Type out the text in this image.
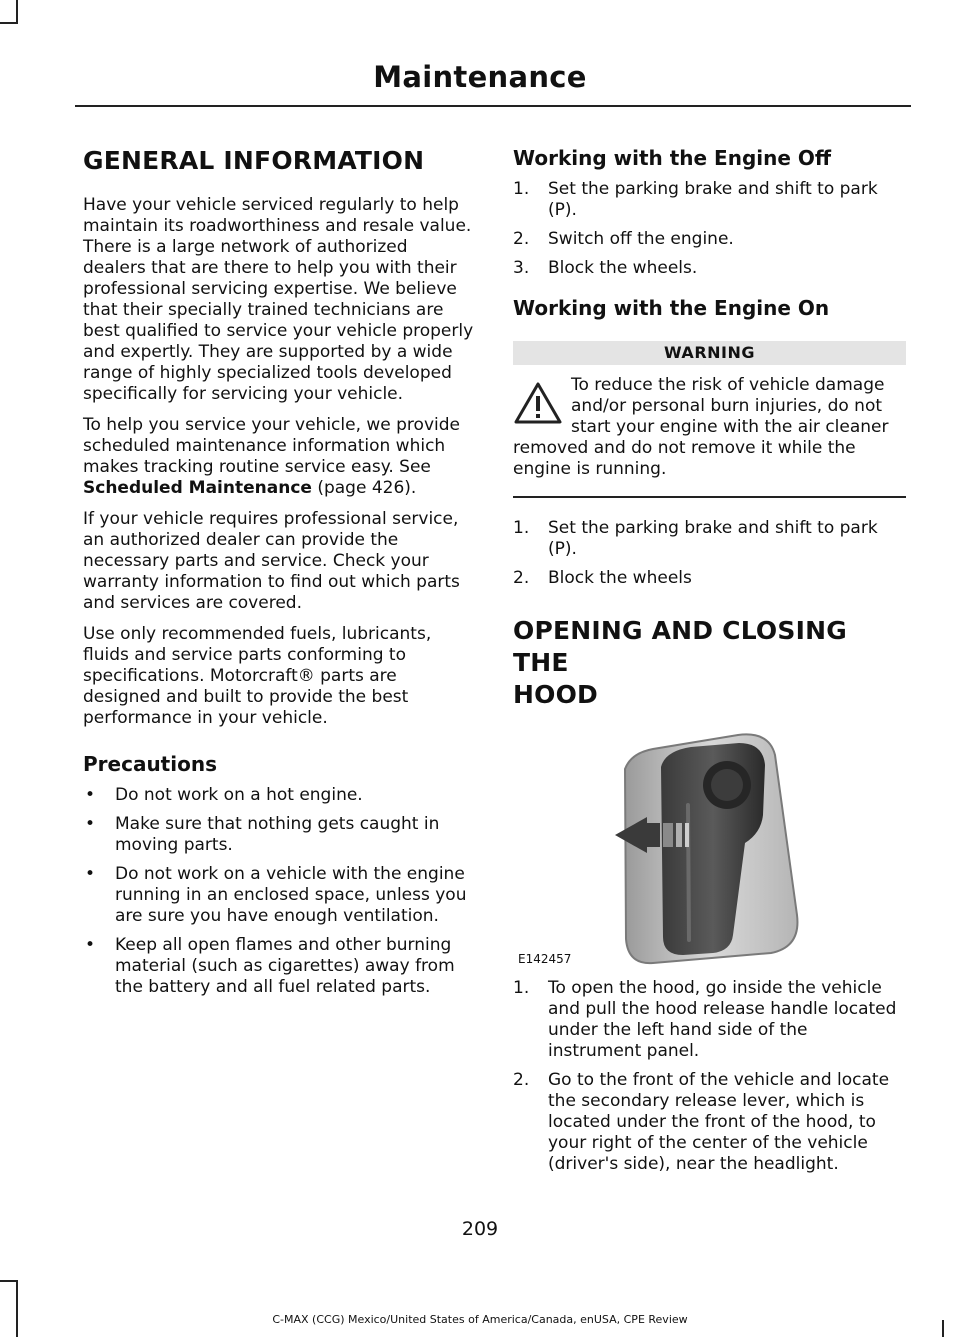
Maintenance
GENERAL INFORMATION

Have your vehicle serviced regularly to help maintain its roadworthiness and resale value. There is a large network of authorized dealers that are there to help you with their professional servicing expertise. We believe that their specially trained technicians are best qualified to service your vehicle properly and expertly. They are supported by a wide range of highly specialized tools developed specifically for servicing your vehicle.

To help you service your vehicle, we provide scheduled maintenance information which makes tracking routine service easy. See Scheduled Maintenance (page 426).

If your vehicle requires professional service, an authorized dealer can provide the necessary parts and service. Check your warranty information to find out which parts and services are covered.

Use only recommended fuels, lubricants, fluids and service parts conforming to specifications. Motorcraft® parts are designed and built to provide the best performance in your vehicle.

Precautions
• Do not work on a hot engine.
• Make sure that nothing gets caught in moving parts.
• Do not work on a vehicle with the engine running in an enclosed space, unless you are sure you have enough ventilation.
• Keep all open flames and other burning material (such as cigarettes) away from the battery and all fuel related parts.
Working with the Engine Off
1. Set the parking brake and shift to park (P).
2. Switch off the engine.
3. Block the wheels.
Working with the Engine On
WARNING
To reduce the risk of vehicle damage and/or personal burn injuries, do not start your engine with the air cleaner removed and do not remove it while the engine is running.
1. Set the parking brake and shift to park (P).
2. Block the wheels
OPENING AND CLOSING THE
HOOD
E142457
1. To open the hood, go inside the vehicle and pull the hood release handle located under the left hand side of the instrument panel.
2. Go to the front of the vehicle and locate the secondary release lever, which is located under the front of the hood, to your right of the center of the vehicle (driver's side), near the headlight.
209
C-MAX (CCG) Mexico/United States of America/Canada, enUSA, CPE Review
